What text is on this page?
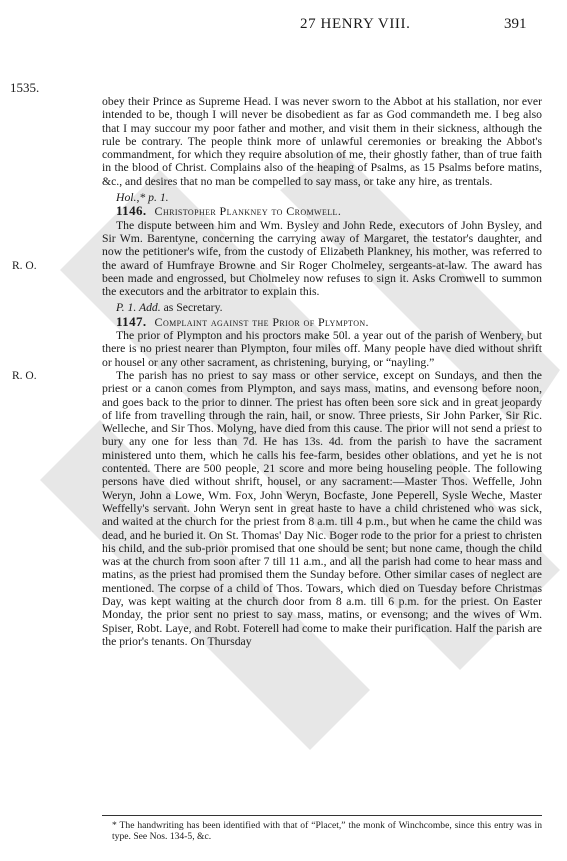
27 HENRY VIII.	391
1535.
R. O.
R. O.

obey their Prince as Supreme Head. I was never sworn to the Abbot at his stallation, nor ever intended to be, though I will never be disobedient as far as God commandeth me. I beg also that I may succour my poor father and mother, and visit them in their sickness, although the rule be contrary. The people think more of unlawful ceremonies or breaking the Abbot's commandment, for which they require absolution of me, their ghostly father, than of true faith in the blood of Christ. Complains also of the heaping of Psalms, as 15 Psalms before matins, &c., and desires that no man be compelled to say mass, or take any hire, as trentals.

Hol.,* p. 1.

1146. Christopher Plankney to Cromwell.

The dispute between him and Wm. Bysley and John Rede, executors of John Bysley, and Sir Wm. Barentyne, concerning the carrying away of Margaret, the testator's daughter, and now the petitioner's wife, from the custody of Elizabeth Plankney, his mother, was referred to the award of Humfraye Browne and Sir Roger Cholmeley, sergeants-at-law. The award has been made and engrossed, but Cholmeley now refuses to sign it. Asks Cromwell to summon the executors and the arbitrator to explain this.

P. 1. Add. as Secretary.

1147. Complaint against the Prior of Plympton.

The prior of Plympton and his proctors make 50l. a year out of the parish of Wenbery, but there is no priest nearer than Plympton, four miles off. Many people have died without shrift or housel or any other sacrament, as christening, burying, or “nayling.”

The parish has no priest to say mass or other service, except on Sundays, and then the priest or a canon comes from Plympton, and says mass, matins, and evensong before noon, and goes back to the prior to dinner. The priest has often been sore sick and in great jeopardy of life from travelling through the rain, hail, or snow. Three priests, Sir John Parker, Sir Ric. Welleche, and Sir Thos. Molyng, have died from this cause. The prior will not send a priest to bury any one for less than 7d. He has 13s. 4d. from the parish to have the sacrament ministered unto them, which he calls his fee-farm, besides other oblations, and yet he is not contented. There are 500 people, 21 score and more being houseling people. The following persons have died without shrift, housel, or any sacrament:—Master Thos. Weffelle, John Weryn, John a Lowe, Wm. Fox, John Weryn, Bocfaste, Jone Peperell, Sysle Weche, Master Weffelly's servant. John Weryn sent in great haste to have a child christened who was sick, and waited at the church for the priest from 8 a.m. till 4 p.m., but when he came the child was dead, and he buried it. On St. Thomas' Day Nic. Boger rode to the prior for a priest to christen his child, and the sub-prior promised that one should be sent; but none came, though the child was at the church from soon after 7 till 11 a.m., and all the parish had come to hear mass and matins, as the priest had promised them the Sunday before. Other similar cases of neglect are mentioned. The corpse of a child of Thos. Towars, which died on Tuesday before Christmas Day, was kept waiting at the church door from 8 a.m. till 6 p.m. for the priest. On Easter Monday, the prior sent no priest to say mass, matins, or evensong; and the wives of Wm. Spiser, Robt. Laye, and Robt. Foterell had come to make their purification. Half the parish are the prior's tenants. On Thursday

* The handwriting has been identified with that of “Placet,” the monk of Winchcombe, since this entry was in type. See Nos. 134-5, &c.
